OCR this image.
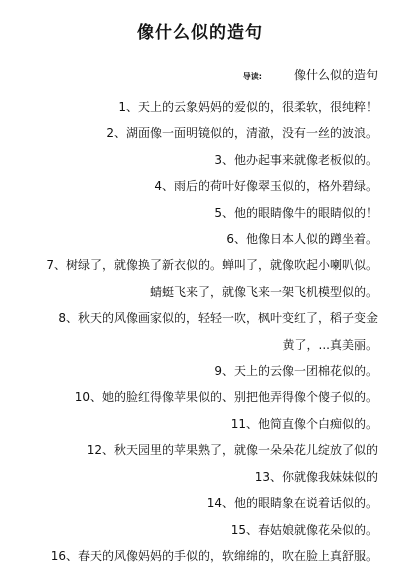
像什么似的造句
导读:	像什么似的造句
1、天上的云象妈妈的爱似的，很柔软，很纯粹！
2、湖面像一面明镜似的，清澈，没有一丝的波浪。
3、他办起事来就像老板似的。
4、雨后的荷叶好像翠玉似的，格外碧绿。
5、他的眼睛像牛的眼睛似的！
6、他像日本人似的蹲坐着。
7、树绿了，就像换了新衣似的。蝉叫了，就像吹起小喇叭似。
蜻蜓飞来了，就像飞来一架飞机模型似的。
8、秋天的风像画家似的，轻轻一吹，枫叶变红了，稻子变金
黄了，...真美丽。
9、天上的云像一团棉花似的。
10、她的脸红得像苹果似的、别把他弄得像个傻子似的。
11、他简直像个白痴似的。
12、秋天园里的苹果熟了，就像一朵朵花儿绽放了似的
13、你就像我妹妹似的
14、他的眼睛象在说着话似的。
15、春姑娘就像花朵似的。
16、春天的风像妈妈的手似的，软绵绵的，吹在脸上真舒服。
